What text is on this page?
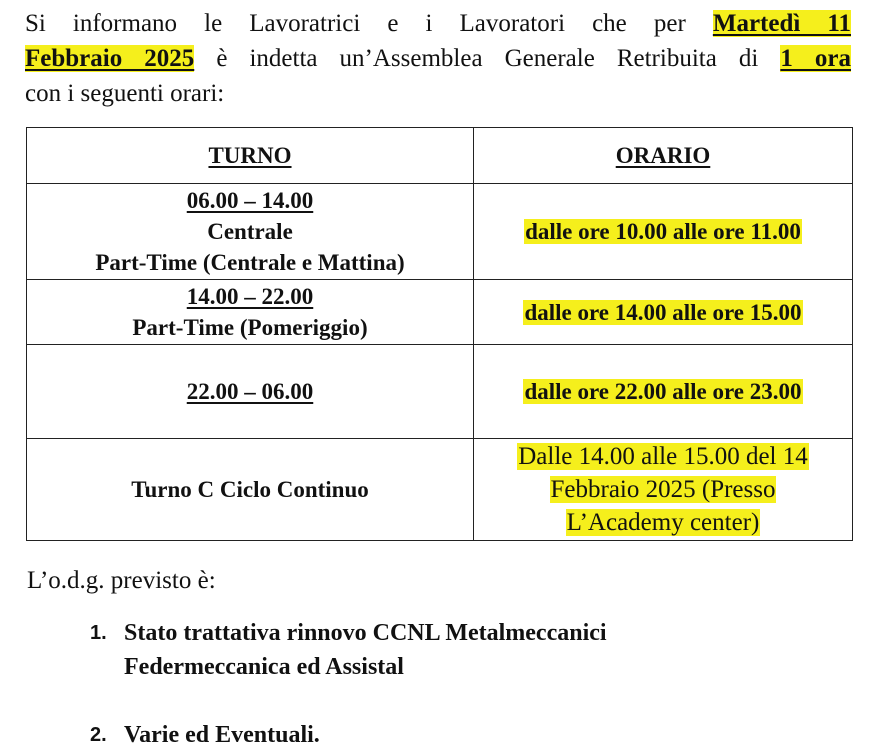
Si informano le Lavoratrici e i Lavoratori che per Martedì 11
Febbraio 2025 è indetta un’Assemblea Generale Retribuita di 1 ora
con i seguenti orari:
TURNO	ORARIO

06.00 – 14.00
Centrale
Part-Time (Centrale e Mattina)	dalle ore 10.00 alle ore 11.00

14.00 – 22.00
Part-Time (Pomeriggio)	dalle ore 14.00 alle ore 15.00

22.00 – 06.00	dalle ore 22.00 alle ore 23.00

Turno C Ciclo Continuo	Dalle 14.00 alle 15.00 del 14
Febbraio 2025 (Presso
L’Academy center)
L’o.d.g. previsto è:
1. Stato trattativa rinnovo CCNL Metalmeccanici
Federmeccanica ed Assistal
2. Varie ed Eventuali.
